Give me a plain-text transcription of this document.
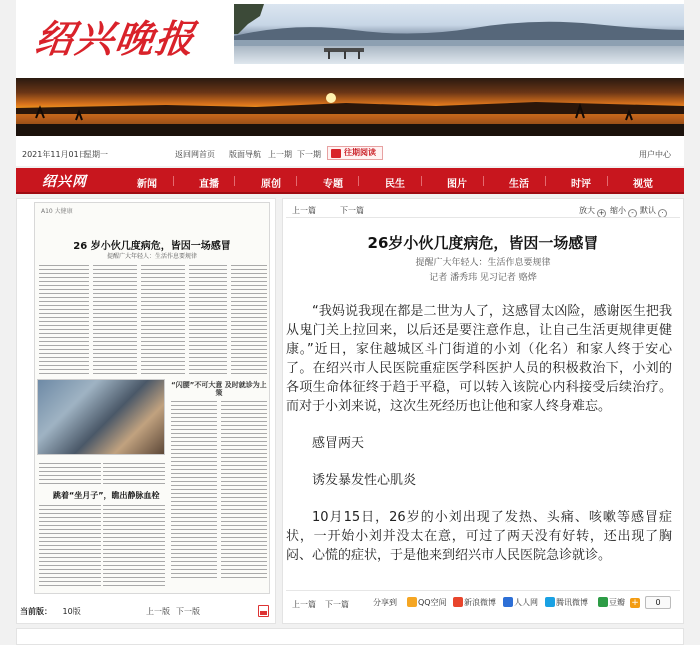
绍兴晚报
2021年11月01日
星期一	返回网首页 版面导航 上一期 下一期	用户中心
往期阅读
绍兴网	新闻	直播	原创	专题	民生	图片	生活	时评	视觉
A10 大健康
26 岁小伙几度病危，皆因一场感冒
提醒广大年轻人：生活作息要规律
“闪腰”不可大意 及时就诊为上策
跳着“坐月子”，瞧出静脉血栓
当前版： 10版	上一版 下一版
上一篇	下一篇	放大 + 缩小 - 默认 ·
26岁小伙几度病危，皆因一场感冒
提醒广大年轻人：生活作息要规律
记者 潘秀玮 见习记者 赂烨

“我妈说我现在都是二世为人了，这感冒太凶险，感谢医生把我从鬼门关上拉回来，以后还是要注意作息，让自己生活更规律更健康。”近日，家住越城区斗门街道的小刘（化名）和家人终于安心了。在绍兴市人民医院重症医学科医护人员的积极救治下，小刘的各项生命体征终于趋于平稳，可以转入该院心内科接受后续治疗。而对于小刘来说，这次生死经历也让他和家人终身难忘。

感冒两天

诱发暴发性心肌炎

10月15日，26岁的小刘出现了发热、头痛、咳嗽等感冒症状，一开始小刘并没太在意，可过了两天没有好转，还出现了胸闷、心慌的症状，于是他来到绍兴市人民医院急诊就诊。

上一篇 下一篇	分享到	QQ空间	新浪微博	人人网	腾讯微博	豆瓣 +	0
